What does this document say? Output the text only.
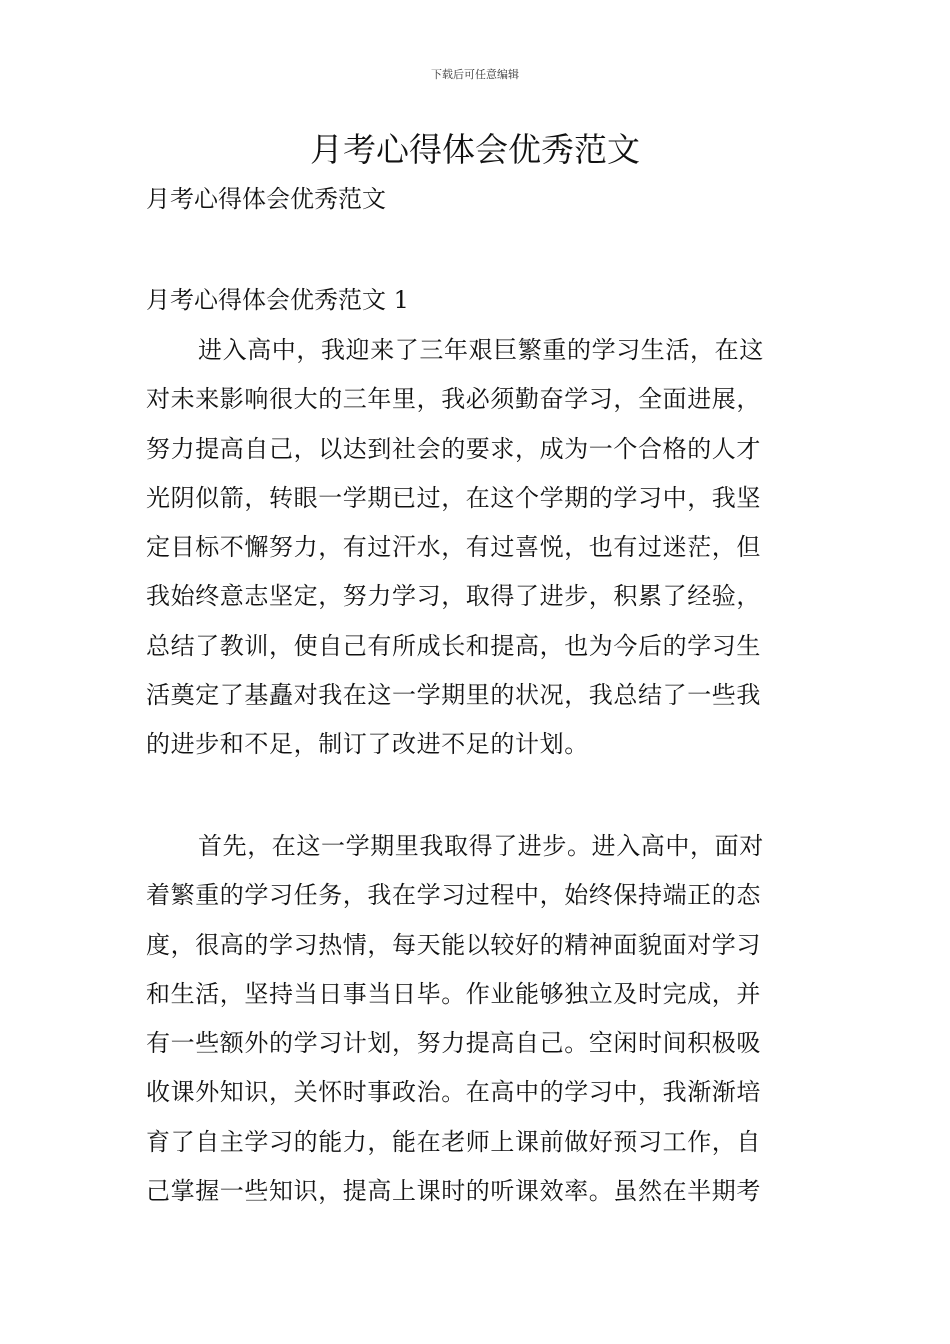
下载后可任意编辑
月考心得体会优秀范文
月考心得体会优秀范文
月考心得体会优秀范文 1
进入高中，我迎来了三年艰巨繁重的学习生活，在这
对未来影响很大的三年里，我必须勤奋学习，全面进展，
努力提高自己，以达到社会的要求，成为一个合格的人才
光阴似箭，转眼一学期已过，在这个学期的学习中，我坚
定目标不懈努力，有过汗水，有过喜悦，也有过迷茫，但
我始终意志坚定，努力学习，取得了进步，积累了经验，
总结了教训，使自己有所成长和提高，也为今后的学习生
活奠定了基矗对我在这一学期里的状况，我总结了一些我
的进步和不足，制订了改进不足的计划。
首先，在这一学期里我取得了进步。进入高中，面对
着繁重的学习任务，我在学习过程中，始终保持端正的态
度，很高的学习热情，每天能以较好的精神面貌面对学习
和生活，坚持当日事当日毕。作业能够独立及时完成，并
有一些额外的学习计划，努力提高自己。空闲时间积极吸
收课外知识，关怀时事政治。在高中的学习中，我渐渐培
育了自主学习的能力，能在老师上课前做好预习工作，自
己掌握一些知识，提高上课时的听课效率。虽然在半期考
